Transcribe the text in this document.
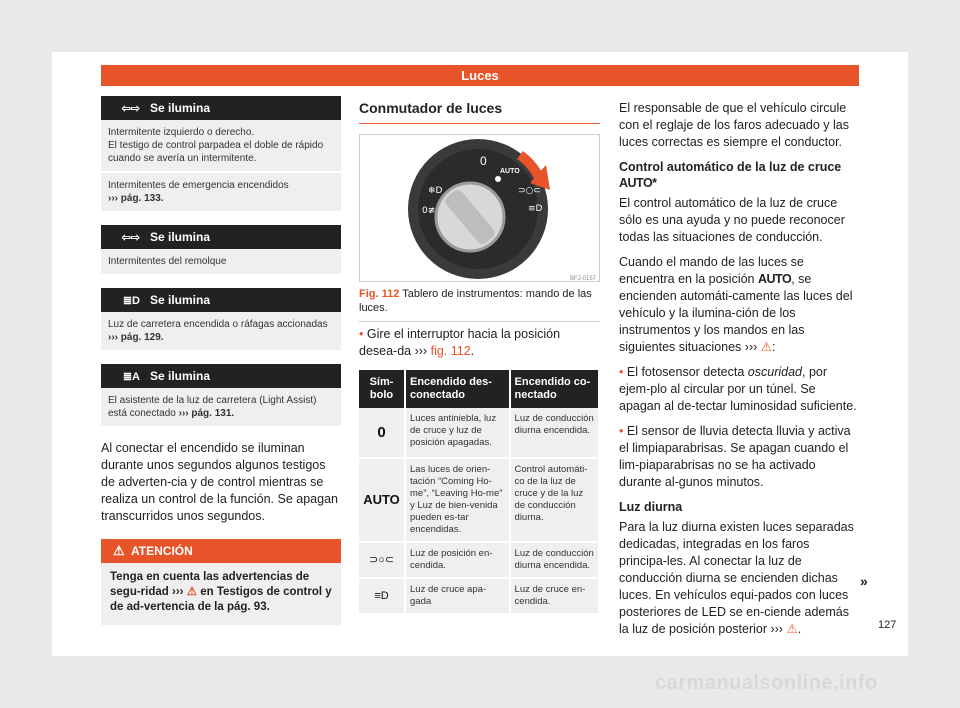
Luces
⇦⇨ Se ilumina
Intermitente izquierdo o derecho.
El testigo de control parpadea el doble de rápido cuando se avería un intermitente.
Intermitentes de emergencia encendidos
››› pág. 133.
⇦⇨ Se ilumina
Intermitentes del remolque
≣D Se ilumina
Luz de carretera encendida o ráfagas accionadas
››› pág. 129.
≣A Se ilumina
El asistente de la luz de carretera (Light Assist) está conectado ››› pág. 131.

Al conectar el encendido se iluminan durante unos segundos algunos testigos de adverten-cia y de control mientras se realiza un control de la función. Se apagan transcurridos unos segundos.

⚠ ATENCIÓN
Tenga en cuenta las advertencias de segu-ridad ››› ⚠ en Testigos de control y de ad-vertencia de la pág. 93.
Conmutador de luces
0
AUTO
⊃○⊂
≡D
❄D
0≢
BFJ-0157
Fig. 112 Tablero de instrumentos: mando de las luces.

• Gire el interruptor hacia la posición desea-da ››› fig. 112.

Sím-bolo	Encendido des-conectado	Encendido co-nectado
0	Luces antiniebla, luz de cruce y luz de posición apagadas.	Luz de conducción diurna encendida.
AUTO	Las luces de orien-tación “Coming Ho-me”, “Leaving Ho-me” y Luz de bien-venida pueden es-tar encendidas.	Control automáti-co de la luz de cruce y de la luz de conducción diurna.
⊃○⊂	Luz de posición en-cendida.	Luz de conducción diurna encendida.
≡D	Luz de cruce apa-gada	Luz de cruce en-cendida.

El responsable de que el vehículo circule con el reglaje de los faros adecuado y las luces correctas es siempre el conductor.

Control automático de la luz de cruce
AUTO*

El control automático de la luz de cruce sólo es una ayuda y no puede reconocer todas las situaciones de conducción.

Cuando el mando de las luces se encuentra en la posición AUTO, se encienden automáti-camente las luces del vehículo y la ilumina-ción de los instrumentos y los mandos en las siguientes situaciones ››› ⚠:

• El fotosensor detecta oscuridad, por ejem-plo al circular por un túnel. Se apagan al de-tectar luminosidad suficiente.

• El sensor de lluvia detecta lluvia y activa el limpiaparabrisas. Se apagan cuando el lim-piaparabrisas no se ha activado durante al-gunos minutos.

Luz diurna

Para la luz diurna existen luces separadas dedicadas, integradas en los faros principa-les. Al conectar la luz de conducción diurna se encienden dichas luces. En vehículos equi-pados con luces posteriores de LED se en-ciende además la luz de posición posterior ››› ⚠.

»
127
carmanualsonline.info
